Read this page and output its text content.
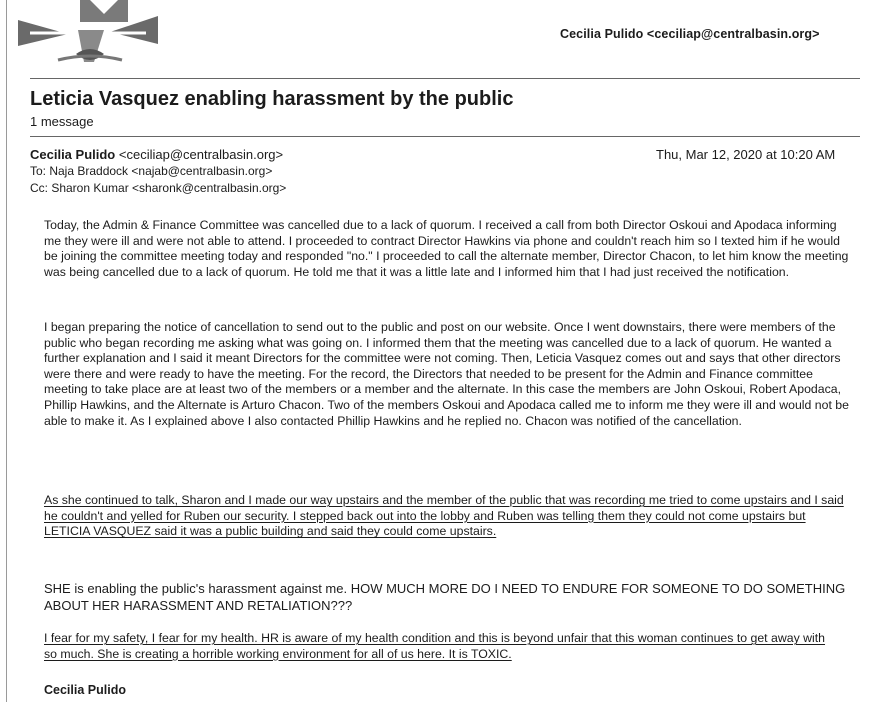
Cecilia Pulido <ceciliap@centralbasin.org>
Leticia Vasquez enabling harassment by the public
1 message
Cecilia Pulido <ceciliap@centralbasin.org>	Thu, Mar 12, 2020 at 10:20 AM
To: Naja Braddock <najab@centralbasin.org>
Cc: Sharon Kumar <sharonk@centralbasin.org>

Today, the Admin & Finance Committee was cancelled due to a lack of quorum. I received a call from both Director Oskoui and Apodaca informing me they were ill and were not able to attend. I proceeded to contract Director Hawkins via phone and couldn't reach him so I texted him if he would be joining the committee meeting today and responded "no." I proceeded to call the alternate member, Director Chacon, to let him know the meeting was being cancelled due to a lack of quorum. He told me that it was a little late and I informed him that I had just received the notification.

I began preparing the notice of cancellation to send out to the public and post on our website. Once I went downstairs, there were members of the public who began recording me asking what was going on. I informed them that the meeting was cancelled due to a lack of quorum. He wanted a further explanation and I said it meant Directors for the committee were not coming. Then, Leticia Vasquez comes out and says that other directors were there and were ready to have the meeting. For the record, the Directors that needed to be present for the Admin and Finance committee meeting to take place are at least two of the members or a member and the alternate. In this case the members are John Oskoui, Robert Apodaca, Phillip Hawkins, and the Alternate is Arturo Chacon. Two of the members Oskoui and Apodaca called me to inform me they were ill and would not be able to make it. As I explained above I also contacted Phillip Hawkins and he replied no. Chacon was notified of the cancellation.

As she continued to talk, Sharon and I made our way upstairs and the member of the public that was recording me tried to come upstairs and I said he couldn't and yelled for Ruben our security. I stepped back out into the lobby and Ruben was telling them they could not come upstairs but LETICIA VASQUEZ said it was a public building and said they could come upstairs.

SHE is enabling the public's harassment against me. HOW MUCH MORE DO I NEED TO ENDURE FOR SOMEONE TO DO SOMETHING ABOUT HER HARASSMENT AND RETALIATION???

I fear for my safety, I fear for my health. HR is aware of my health condition and this is beyond unfair that this woman continues to get away with so much. She is creating a horrible working environment for all of us here. It is TOXIC.

Cecilia Pulido
